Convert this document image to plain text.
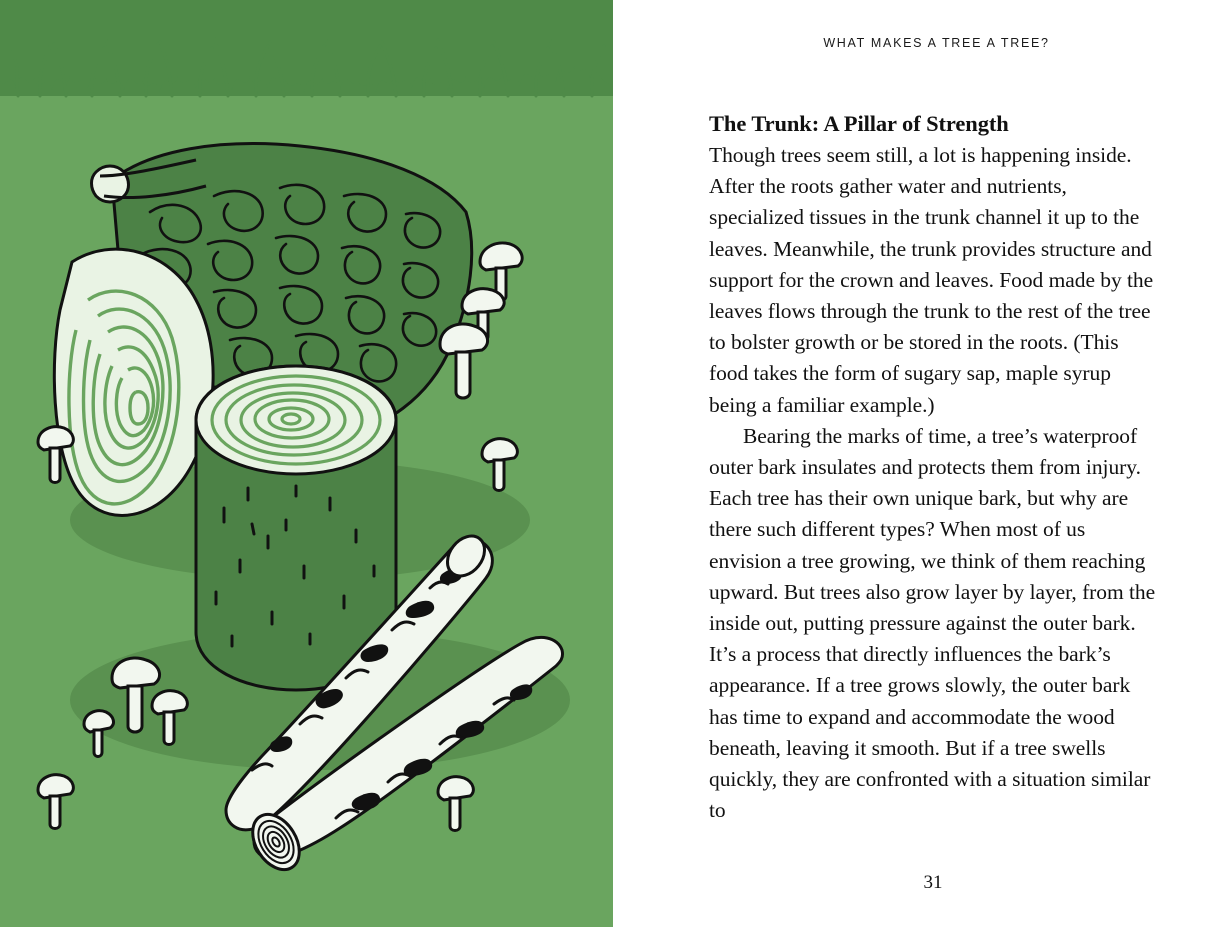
WHAT MAKES A TREE A TREE?
The Trunk: A Pillar of Strength

Though trees seem still, a lot is happening inside. After the roots gather water and nutrients, specialized tissues in the trunk channel it up to the leaves. Meanwhile, the trunk provides structure and support for the crown and leaves. Food made by the leaves flows through the trunk to the rest of the tree to bolster growth or be stored in the roots. (This food takes the form of sugary sap, maple syrup being a familiar example.)

Bearing the marks of time, a tree’s waterproof outer bark insulates and protects them from injury. Each tree has their own unique bark, but why are there such different types? When most of us envision a tree growing, we think of them reaching upward. But trees also grow layer by layer, from the inside out, putting pressure against the outer bark. It’s a process that directly influences the bark’s appearance. If a tree grows slowly, the outer bark has time to expand and accommodate the wood beneath, leaving it smooth. But if a tree swells quickly, they are confronted with a situation similar to

31
